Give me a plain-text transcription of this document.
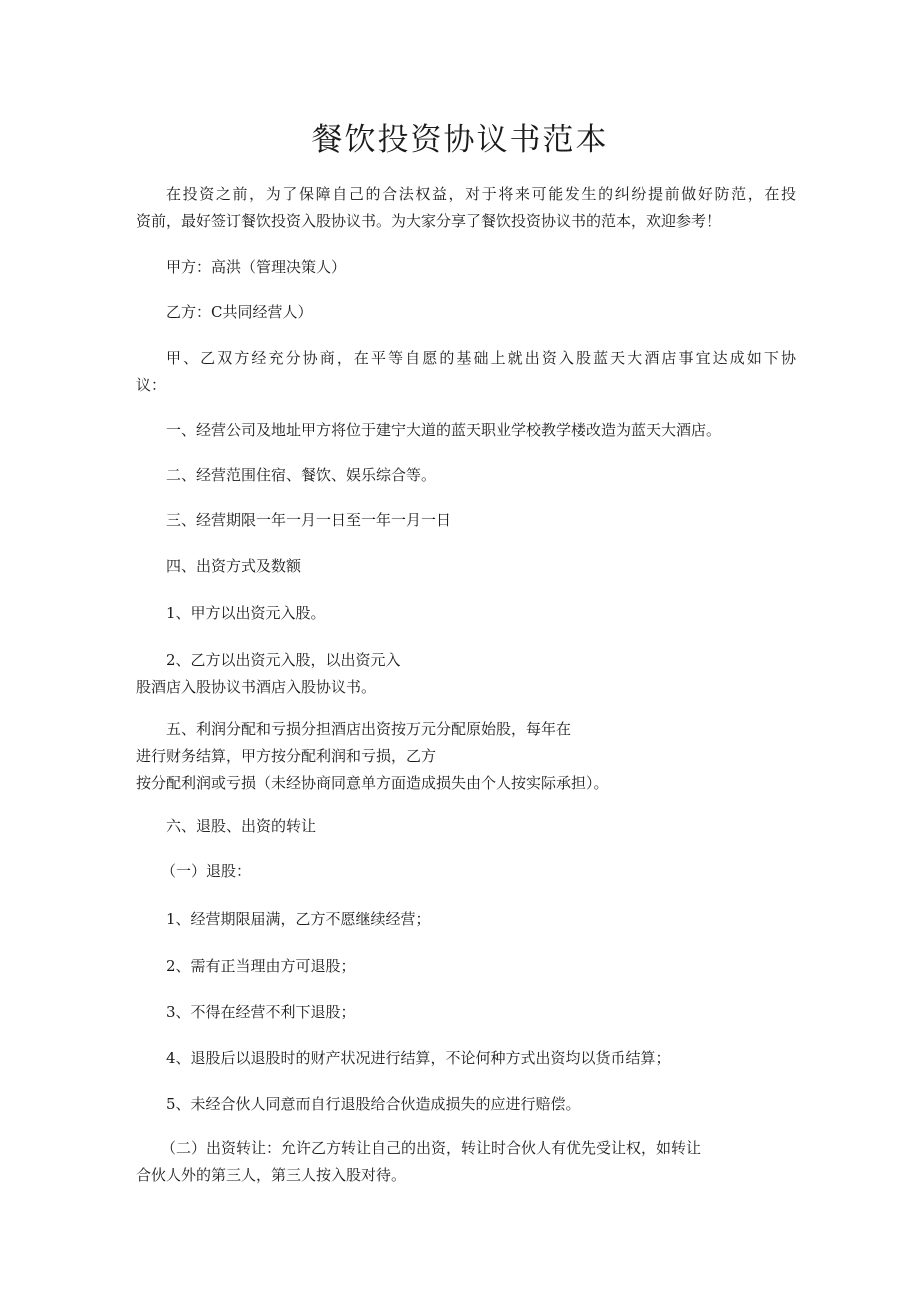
餐饮投资协议书范本

在投资之前，为了保障自己的合法权益，对于将来可能发生的纠纷提前做好防范，在投
资前，最好签订餐饮投资入股协议书。为大家分享了餐饮投资协议书的范本，欢迎参考！

甲方：高洪（管理决策人）

乙方：C共同经营人）

甲、乙双方经充分协商，在平等自愿的基础上就出资入股蓝天大酒店事宜达成如下协
议：

一、经营公司及地址甲方将位于建宁大道的蓝天职业学校教学楼改造为蓝天大酒店。

二、经营范围住宿、餐饮、娱乐综合等。

三、经营期限一年一月一日至一年一月一日

四、出资方式及数额

1、甲方以出资元入股。

2、乙方以出资元入股，以出资元入
股酒店入股协议书酒店入股协议书。

五、利润分配和亏损分担酒店出资按万元分配原始股，每年在
进行财务结算，甲方按分配利润和亏损，乙方
按分配利润或亏损（未经协商同意单方面造成损失由个人按实际承担）。

六、退股、出资的转让

（一）退股：

1、经营期限届满，乙方不愿继续经营；

2、需有正当理由方可退股；

3、不得在经营不利下退股；

4、退股后以退股时的财产状况进行结算，不论何种方式出资均以货币结算；

5、未经合伙人同意而自行退股给合伙造成损失的应进行赔偿。

（二）出资转让：允许乙方转让自己的出资，转让时合伙人有优先受让权，如转让
合伙人外的第三人，第三人按入股对待。
